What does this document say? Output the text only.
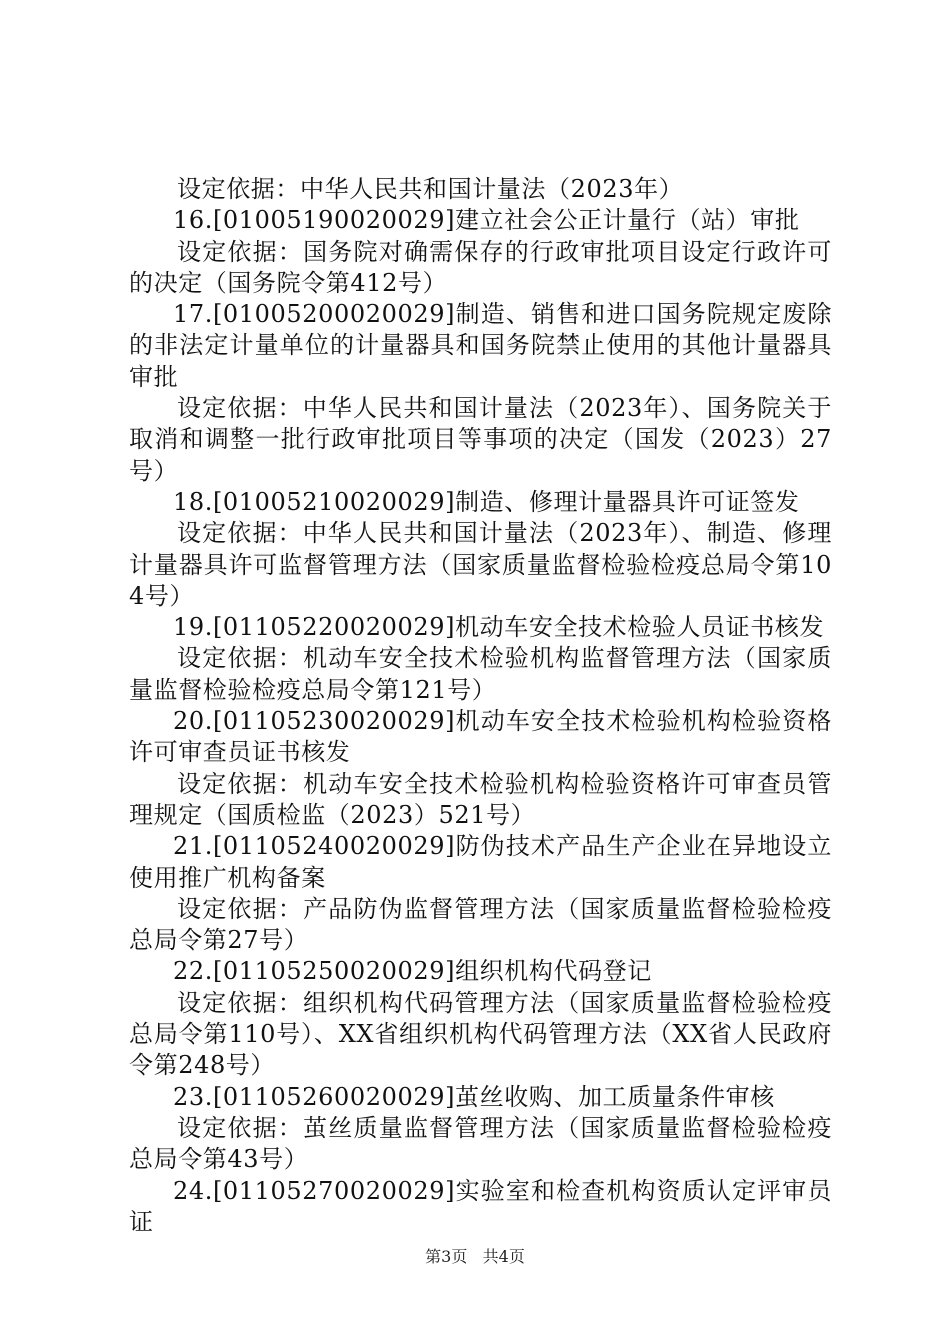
设定依据：中华人民共和国计量法（2023年）

16.[01005190020029]建立社会公正计量行（站）审批

设定依据：国务院对确需保存的行政审批项目设定行政许可的决定（国务院令第412号）

17.[01005200020029]制造、销售和进口国务院规定废除的非法定计量单位的计量器具和国务院禁止使用的其他计量器具审批

设定依据：中华人民共和国计量法（2023年）、国务院关于取消和调整一批行政审批项目等事项的决定（国发（2023）27号）

18.[01005210020029]制造、修理计量器具许可证签发

设定依据：中华人民共和国计量法（2023年）、制造、修理计量器具许可监督管理方法（国家质量监督检验检疫总局令第104号）

19.[01105220020029]机动车安全技术检验人员证书核发

设定依据：机动车安全技术检验机构监督管理方法（国家质量监督检验检疫总局令第121号）

20.[01105230020029]机动车安全技术检验机构检验资格许可审查员证书核发

设定依据：机动车安全技术检验机构检验资格许可审查员管理规定（国质检监（2023）521号）

21.[01105240020029]防伪技术产品生产企业在异地设立使用推广机构备案

设定依据：产品防伪监督管理方法（国家质量监督检验检疫总局令第27号）

22.[01105250020029]组织机构代码登记

设定依据：组织机构代码管理方法（国家质量监督检验检疫总局令第110号）、XX省组织机构代码管理方法（XX省人民政府令第248号）

23.[01105260020029]茧丝收购、加工质量条件审核

设定依据：茧丝质量监督管理方法（国家质量监督检验检疫总局令第43号）

24.[01105270020029]实验室和检查机构资质认定评审员证

第3页 共4页
